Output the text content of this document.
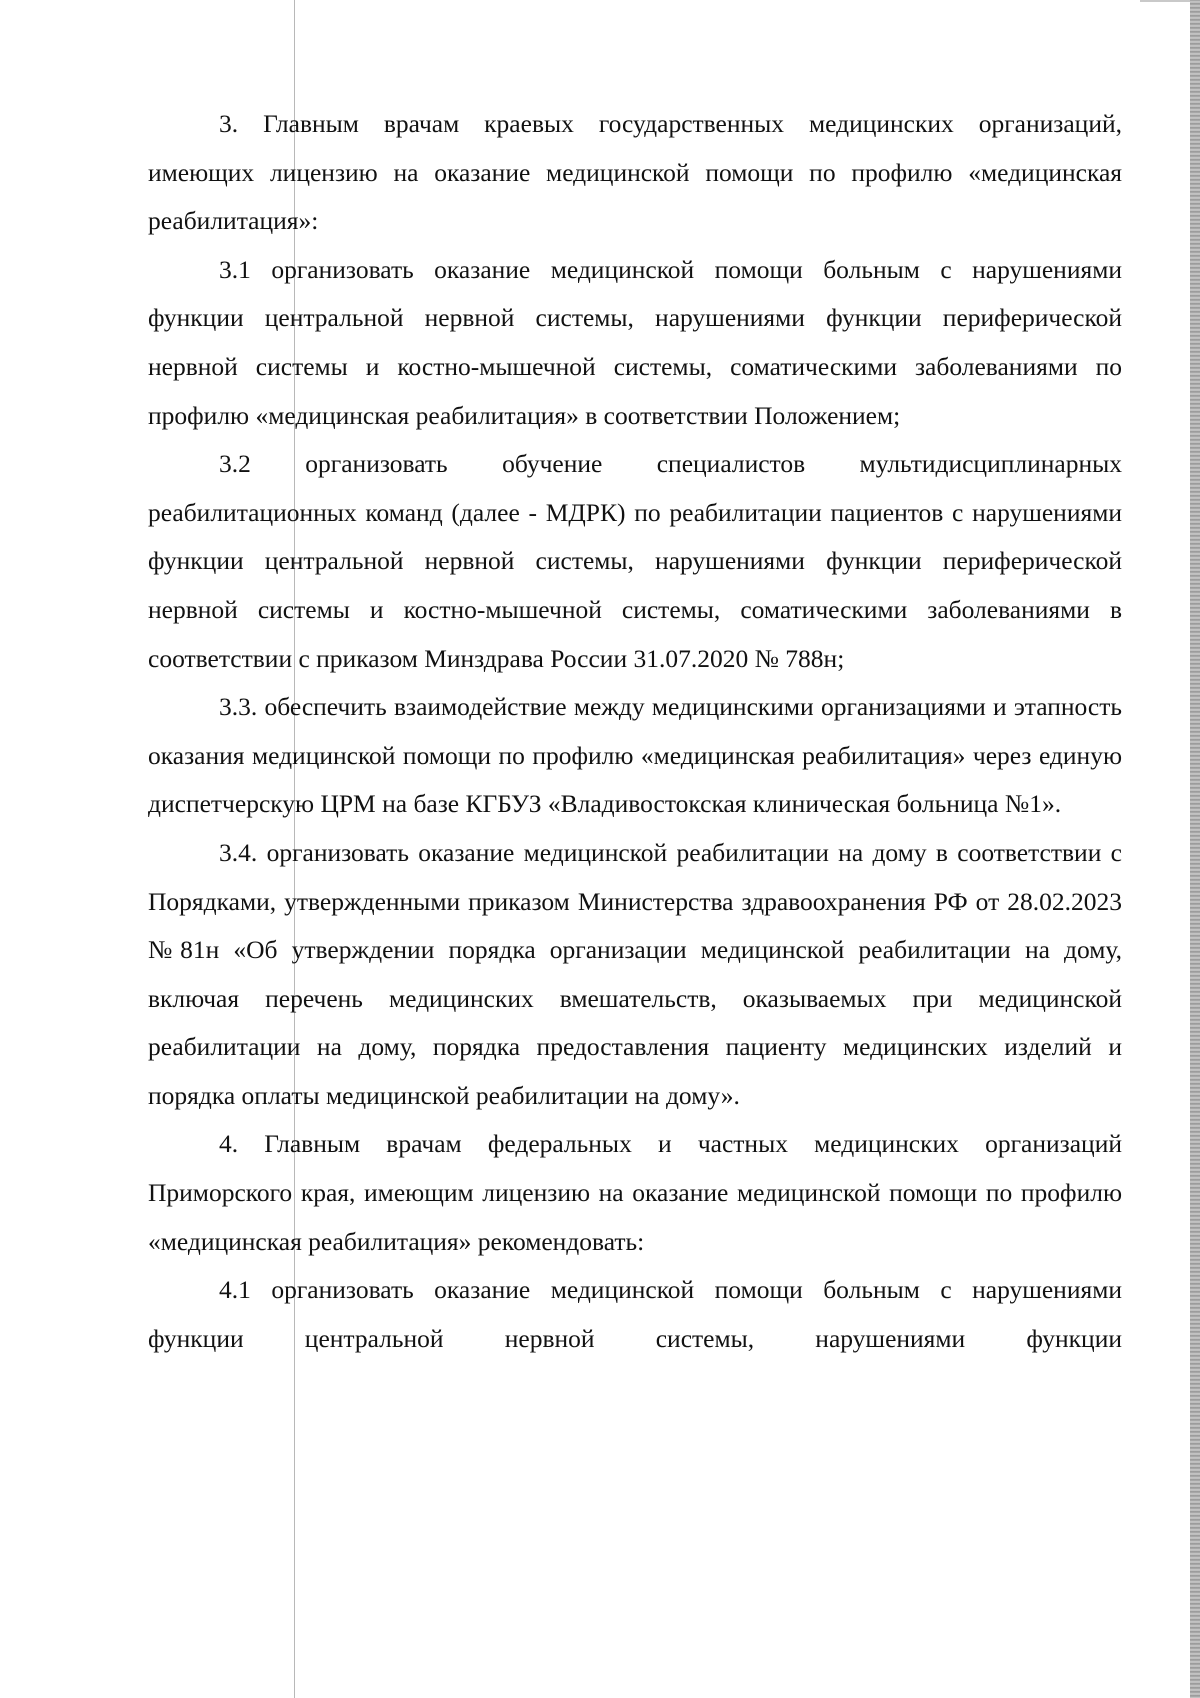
3. Главным врачам краевых государственных медицинских организаций, имеющих лицензию на оказание медицинской помощи по профилю «медицинская реабилитация»:

3.1 организовать оказание медицинской помощи больным с нарушениями функции центральной нервной системы, нарушениями функции периферической нервной системы и костно-мышечной системы, соматическими заболеваниями по профилю «медицинская реабилитация» в соответствии Положением;

3.2 организовать обучение специалистов мультидисциплинарных реабилитационных команд (далее - МДРК) по реабилитации пациентов с нарушениями функции центральной нервной системы, нарушениями функции периферической нервной системы и костно-мышечной системы, соматическими заболеваниями в соответствии с приказом Минздрава России 31.07.2020 № 788н;

3.3. обеспечить взаимодействие между медицинскими организациями и этапность оказания медицинской помощи по профилю «медицинская реабилитация» через единую диспетчерскую ЦРМ на базе КГБУЗ «Владивостокская клиническая больница №1».

3.4. организовать оказание медицинской реабилитации на дому в соответствии с Порядками, утвержденными приказом Министерства здравоохранения РФ от 28.02.2023 №81н «Об утверждении порядка организации медицинской реабилитации на дому, включая перечень медицинских вмешательств, оказываемых при медицинской реабилитации на дому, порядка предоставления пациенту медицинских изделий и порядка оплаты медицинской реабилитации на дому».

4. Главным врачам федеральных и частных медицинских организаций Приморского края, имеющим лицензию на оказание медицинской помощи по профилю «медицинская реабилитация» рекомендовать:

4.1 организовать оказание медицинской помощи больным с нарушениями функции центральной нервной системы, нарушениями функции
